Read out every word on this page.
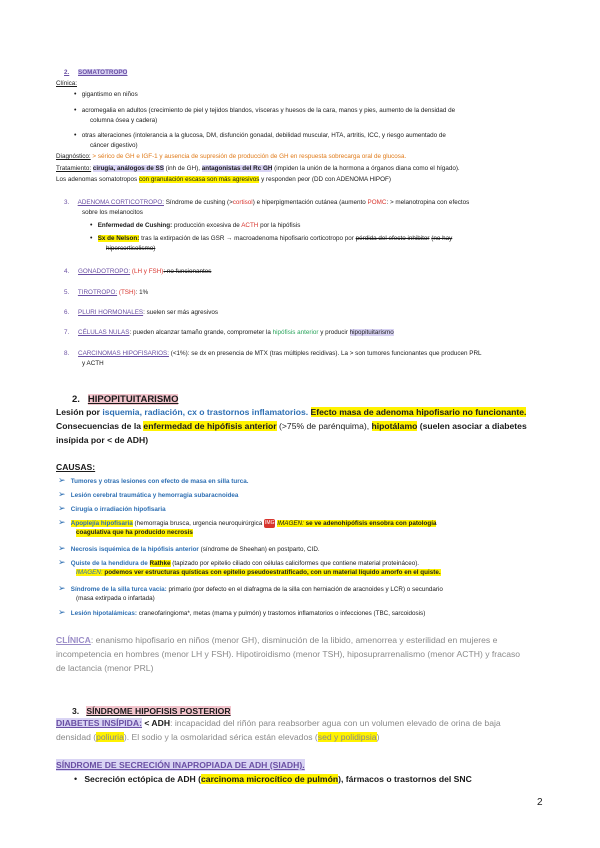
2. SOMATOTROPO
Clínica:
• gigantismo en niños
• acromegalia en adultos (crecimiento de piel y tejidos blandos, vísceras y huesos de la cara, manos y pies, aumento de la densidad de
columna ósea y cadera)
• otras alteraciones (intolerancia a la glucosa, DM, disfunción gonadal, debilidad muscular, HTA, artritis, ICC, y riesgo aumentado de
cáncer digestivo)
Diagnóstico: > sérico de GH e IGF-1 y ausencia de supresión de producción de GH en respuesta sobrecarga oral de glucosa.
Tratamiento: cirugía, análogos de SS (inh de GH), antagonistas del Rc GH (impiden la unión de la hormona a órganos diana como el hígado).
Los adenomas somatotropos con granulación escasa son más agresivos y responden peor (DD con ADENOMA HIPOF)
3. ADENOMA CORTICOTROPO: Síndrome de cushing (>cortisol) e hiperpigmentación cutánea (aumento POMC: > melanotropina con efectos
sobre los melanocitos
• Enfermedad de Cushing: producción excesiva de ACTH por la hipófisis
• Sx de Nelson: tras la extirpación de las GSR → macroadenoma hipofisario corticotropo por pérdida del efecto inhibitor (no hay
hipercortisolismo)
4. GONADOTROPO: (LH y FSH): no funcionantes
5. TIROTROPO: (TSH): 1%
6. PLURI HORMONALES: suelen ser más agresivos
7. CÉLULAS NULAS: pueden alcanzar tamaño grande, comprometer la hipófisis anterior y producir hipopituitarismo
8. CARCINOMAS HIPOFISARIOS: (<1%): se dx en presencia de MTX (tras múltiples recidivas). La > son tumores funcionantes que producen PRL
y ACTH
2. HIPOPITUITARISMO
Lesión por isquemia, radiación, cx o trastornos inflamatorios. Efecto masa de adenoma hipofisario no funcionante.
Consecuencias de la enfermedad de hipófisis anterior (>75% de parénquima), hipotálamo (suelen asociar a diabetes
insípida por < de ADH)
CAUSAS:
➢ Tumores y otras lesiones con efecto de masa en silla turca.
➢ Lesión cerebral traumática y hemorragia subaracnoidea
➢ Cirugía o irradiación hipofisaria
➢ Apoplejía hipofisaria (hemorragia brusca, urgencia neuroquirúrgica IMG IMAGEN: se ve adenohipófisis ensobra con patología
coagulativa que ha producido necrosis
➢ Necrosis isquémica de la hipófisis anterior (síndrome de Sheehan) en postparto, CID.
➢ Quiste de la hendidura de Rathke (tapizado por epitelio ciliado con células caliciformes que contiene material proteináceo).
IMAGEN: podemos ver estructuras quísticas con epitelio pseudoestratificado, con un material líquido amorfo en el quiste.
➢ Síndrome de la silla turca vacía: primario (por defecto en el diafragma de la silla con herniación de aracnoides y LCR) o secundario
(masa extirpada o infartada)
➢ Lesión hipotalámicas: craneofaringioma*, metas (mama y pulmón) y trastornos inflamatorios o infecciones (TBC, sarcoidosis)
CLÍNICA: enanismo hipofisario en niños (menor GH), disminución de la libido, amenorrea y esterilidad en mujeres e
incompetencia en hombres (menor LH y FSH). Hipotiroidismo (menor TSH), hiposuprarrenalismo (menor ACTH) y fracaso
de lactancia (menor PRL)
3. SÍNDROME HIPOFISIS POSTERIOR
DIABETES INSÍPIDA: < ADH: incapacidad del riñón para reabsorber agua con un volumen elevado de orina de baja
densidad (poliuria). El sodio y la osmolaridad sérica están elevados (sed y polidipsia)
SÍNDROME DE SECRECIÓN INAPROPIADA DE ADH (SIADH).
• Secreción ectópica de ADH (carcinoma microcítico de pulmón), fármacos o trastornos del SNC
2
